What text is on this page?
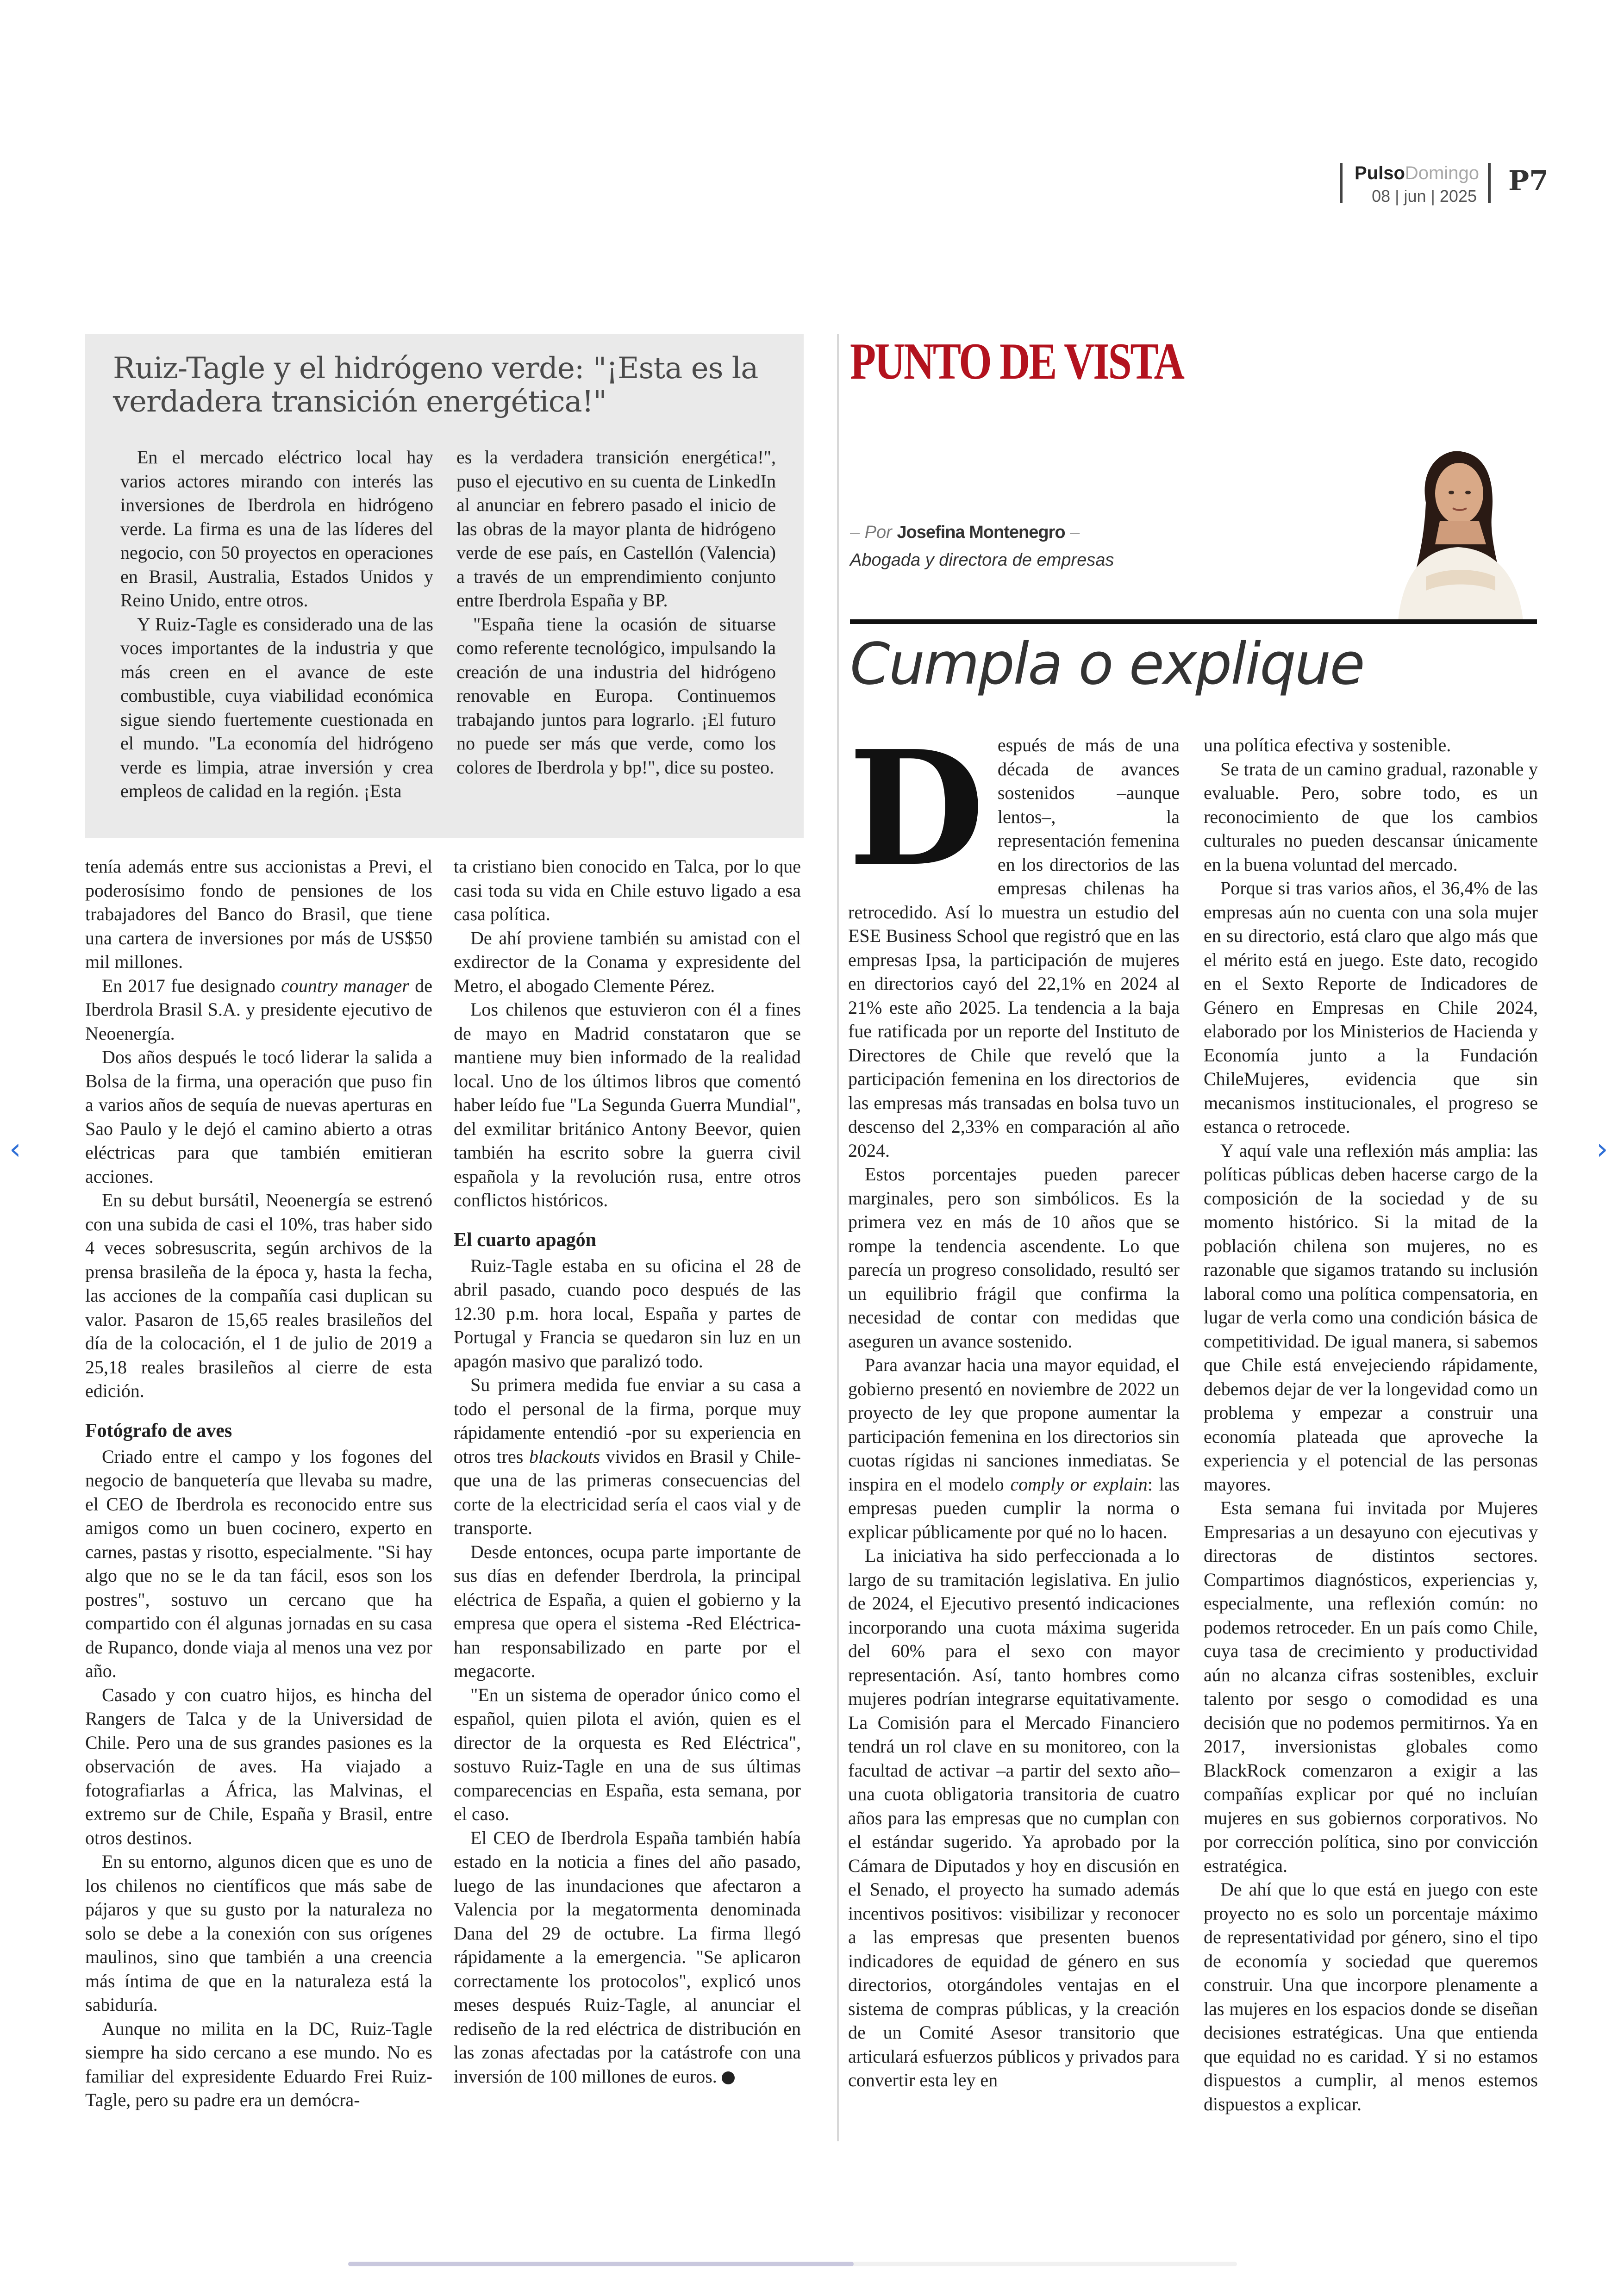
PulsoDomingo
08 | jun | 2025 P7
Ruiz-Tagle y el hidrógeno verde: "¡Esta es la verdadera transición energética!"

En el mercado eléctrico local hay varios actores mirando con interés las inversiones de Iberdrola en hidrógeno verde. La firma es una de las líderes del negocio, con 50 proyectos en operaciones en Brasil, Australia, Estados Unidos y Reino Unido, entre otros.

Y Ruiz-Tagle es considerado una de las voces importantes de la industria y que más creen en el avance de este combustible, cuya viabilidad económica sigue siendo fuertemente cuestionada en el mundo. "La economía del hidrógeno verde es limpia, atrae inversión y crea empleos de calidad en la región. ¡Esta

es la verdadera transición energética!", puso el ejecutivo en su cuenta de LinkedIn al anunciar en febrero pasado el inicio de las obras de la mayor planta de hidrógeno verde de ese país, en Castellón (Valencia) a través de un emprendimiento conjunto entre Iberdrola España y BP.

"España tiene la ocasión de situarse como referente tecnológico, impulsando la creación de una industria del hidrógeno renovable en Europa. Continuemos trabajando juntos para lograrlo. ¡El futuro no puede ser más que verde, como los colores de Iberdrola y bp!", dice su posteo.

tenía además entre sus accionistas a Previ, el poderosísimo fondo de pensiones de los trabajadores del Banco do Brasil, que tiene una cartera de inversiones por más de US$50 mil millones.

En 2017 fue designado country manager de Iberdrola Brasil S.A. y presidente ejecutivo de Neoenergía.

Dos años después le tocó liderar la salida a Bolsa de la firma, una operación que puso fin a varios años de sequía de nuevas aperturas en Sao Paulo y le dejó el camino abierto a otras eléctricas para que también emitieran acciones.

En su debut bursátil, Neoenergía se estrenó con una subida de casi el 10%, tras haber sido 4 veces sobresuscrita, según archivos de la prensa brasileña de la época y, hasta la fecha, las acciones de la compañía casi duplican su valor. Pasaron de 15,65 reales brasileños del día de la colocación, el 1 de julio de 2019 a 25,18 reales brasileños al cierre de esta edición.

Fotógrafo de aves

Criado entre el campo y los fogones del negocio de banquetería que llevaba su madre, el CEO de Iberdrola es reconocido entre sus amigos como un buen cocinero, experto en carnes, pastas y risotto, especialmente. "Si hay algo que no se le da tan fácil, esos son los postres", sostuvo un cercano que ha compartido con él algunas jornadas en su casa de Rupanco, donde viaja al menos una vez por año.

Casado y con cuatro hijos, es hincha del Rangers de Talca y de la Universidad de Chile. Pero una de sus grandes pasiones es la observación de aves. Ha viajado a fotografiarlas a África, las Malvinas, el extremo sur de Chile, España y Brasil, entre otros destinos.

En su entorno, algunos dicen que es uno de los chilenos no científicos que más sabe de pájaros y que su gusto por la naturaleza no solo se debe a la conexión con sus orígenes maulinos, sino que también a una creencia más íntima de que en la naturaleza está la sabiduría.

Aunque no milita en la DC, Ruiz-Tagle siempre ha sido cercano a ese mundo. No es familiar del expresidente Eduardo Frei Ruiz-Tagle, pero su padre era un demócra-

ta cristiano bien conocido en Talca, por lo que casi toda su vida en Chile estuvo ligado a esa casa política.

De ahí proviene también su amistad con el exdirector de la Conama y expresidente del Metro, el abogado Clemente Pérez.

Los chilenos que estuvieron con él a fines de mayo en Madrid constataron que se mantiene muy bien informado de la realidad local. Uno de los últimos libros que comentó haber leído fue "La Segunda Guerra Mundial", del exmilitar británico Antony Beevor, quien también ha escrito sobre la guerra civil española y la revolución rusa, entre otros conflictos históricos.

El cuarto apagón

Ruiz-Tagle estaba en su oficina el 28 de abril pasado, cuando poco después de las 12.30 p.m. hora local, España y partes de Portugal y Francia se quedaron sin luz en un apagón masivo que paralizó todo.

Su primera medida fue enviar a su casa a todo el personal de la firma, porque muy rápidamente entendió -por su experiencia en otros tres blackouts vividos en Brasil y Chile- que una de las primeras consecuencias del corte de la electricidad sería el caos vial y de transporte.

Desde entonces, ocupa parte importante de sus días en defender Iberdrola, la principal eléctrica de España, a quien el gobierno y la empresa que opera el sistema -Red Eléctrica- han responsabilizado en parte por el megacorte.

"En un sistema de operador único como el español, quien pilota el avión, quien es el director de la orquesta es Red Eléctrica", sostuvo Ruiz-Tagle en una de sus últimas comparecencias en España, esta semana, por el caso.

El CEO de Iberdrola España también había estado en la noticia a fines del año pasado, luego de las inundaciones que afectaron a Valencia por la megatormenta denominada Dana del 29 de octubre. La firma llegó rápidamente a la emergencia. "Se aplicaron correctamente los protocolos", explicó unos meses después Ruiz-Tagle, al anunciar el rediseño de la red eléctrica de distribución en las zonas afectadas por la catástrofe con una inversión de 100 millones de euros. P

PUNTO DE VISTA
– Por Josefina Montenegro –
Abogada y directora de empresas
Cumpla o explique
D espués de más de una década de avances sostenidos –aunque lentos–, la representación femenina en los directorios de las empresas chilenas ha retrocedido. Así lo muestra un estudio del ESE Business School que registró que en las empresas Ipsa, la participación de mujeres en directorios cayó del 22,1% en 2024 al 21% este año 2025. La tendencia a la baja fue ratificada por un reporte del Instituto de Directores de Chile que reveló que la participación femenina en los directorios de las empresas más transadas en bolsa tuvo un descenso del 2,33% en comparación al año 2024.

Estos porcentajes pueden parecer marginales, pero son simbólicos. Es la primera vez en más de 10 años que se rompe la tendencia ascendente. Lo que parecía un progreso consolidado, resultó ser un equilibrio frágil que confirma la necesidad de contar con medidas que aseguren un avance sostenido.

Para avanzar hacia una mayor equidad, el gobierno presentó en noviembre de 2022 un proyecto de ley que propone aumentar la participación femenina en los directorios sin cuotas rígidas ni sanciones inmediatas. Se inspira en el modelo comply or explain: las empresas pueden cumplir la norma o explicar públicamente por qué no lo hacen.

La iniciativa ha sido perfeccionada a lo largo de su tramitación legislativa. En julio de 2024, el Ejecutivo presentó indicaciones incorporando una cuota máxima sugerida del 60% para el sexo con mayor representación. Así, tanto hombres como mujeres podrían integrarse equitativamente. La Comisión para el Mercado Financiero tendrá un rol clave en su monitoreo, con la facultad de activar –a partir del sexto año– una cuota obligatoria transitoria de cuatro años para las empresas que no cumplan con el estándar sugerido. Ya aprobado por la Cámara de Diputados y hoy en discusión en el Senado, el proyecto ha sumado además incentivos positivos: visibilizar y reconocer a las empresas que presenten buenos indicadores de equidad de género en sus directorios, otorgándoles ventajas en el sistema de compras públicas, y la creación de un Comité Asesor transitorio que articulará esfuerzos públicos y privados para convertir esta ley en

una política efectiva y sostenible.

Se trata de un camino gradual, razonable y evaluable. Pero, sobre todo, es un reconocimiento de que los cambios culturales no pueden descansar únicamente en la buena voluntad del mercado.

Porque si tras varios años, el 36,4% de las empresas aún no cuenta con una sola mujer en su directorio, está claro que algo más que el mérito está en juego. Este dato, recogido en el Sexto Reporte de Indicadores de Género en Empresas en Chile 2024, elaborado por los Ministerios de Hacienda y Economía junto a la Fundación ChileMujeres, evidencia que sin mecanismos institucionales, el progreso se estanca o retrocede.

Y aquí vale una reflexión más amplia: las políticas públicas deben hacerse cargo de la composición de la sociedad y de su momento histórico. Si la mitad de la población chilena son mujeres, no es razonable que sigamos tratando su inclusión laboral como una política compensatoria, en lugar de verla como una condición básica de competitividad. De igual manera, si sabemos que Chile está envejeciendo rápidamente, debemos dejar de ver la longevidad como un problema y empezar a construir una economía plateada que aproveche la experiencia y el potencial de las personas mayores.

Esta semana fui invitada por Mujeres Empresarias a un desayuno con ejecutivas y directoras de distintos sectores. Compartimos diagnósticos, experiencias y, especialmente, una reflexión común: no podemos retroceder. En un país como Chile, cuya tasa de crecimiento y productividad aún no alcanza cifras sostenibles, excluir talento por sesgo o comodidad es una decisión que no podemos permitirnos. Ya en 2017, inversionistas globales como BlackRock comenzaron a exigir a las compañías explicar por qué no incluían mujeres en sus gobiernos corporativos. No por corrección política, sino por convicción estratégica.

De ahí que lo que está en juego con este proyecto no es solo un porcentaje máximo de representatividad por género, sino el tipo de economía y sociedad que queremos construir. Una que incorpore plenamente a las mujeres en los espacios donde se diseñan decisiones estratégicas. Una que entienda que equidad no es caridad. Y si no estamos dispuestos a cumplir, al menos estemos dispuestos a explicar.

‹	›
